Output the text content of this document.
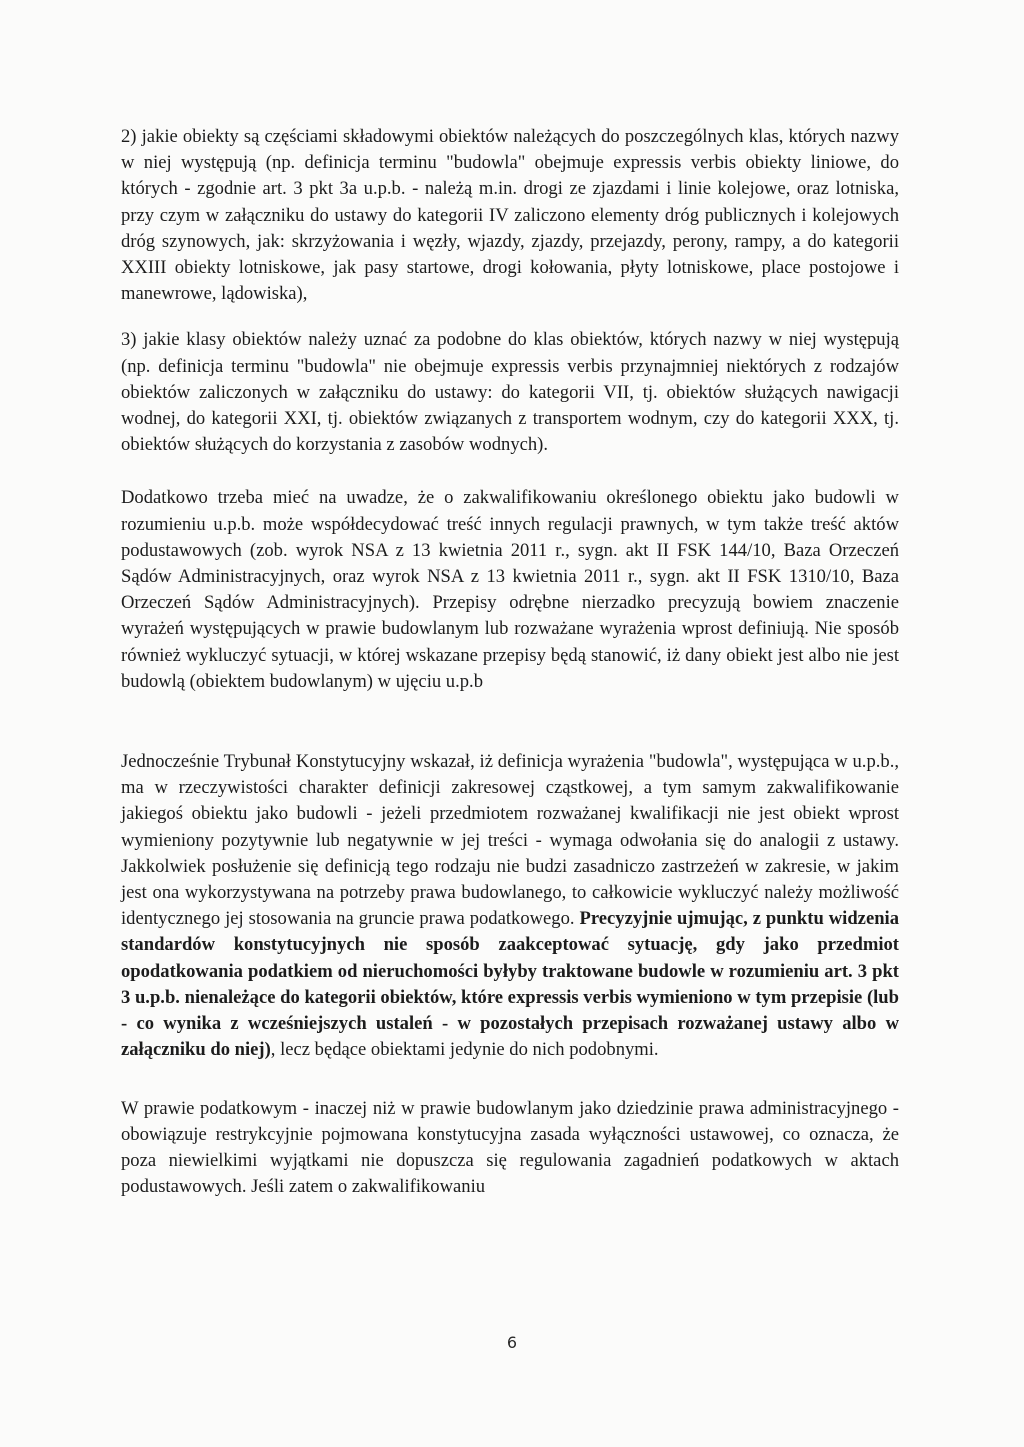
2) jakie obiekty są częściami składowymi obiektów należących do poszczególnych klas, których nazwy w niej występują (np. definicja terminu "budowla" obejmuje expressis verbis obiekty liniowe, do których - zgodnie art. 3 pkt 3a u.p.b. - należą m.in. drogi ze zjazdami i linie kolejowe, oraz lotniska, przy czym w załączniku do ustawy do kategorii IV zaliczono elementy dróg publicznych i kolejowych dróg szynowych, jak: skrzyżowania i węzły, wjazdy, zjazdy, przejazdy, perony, rampy, a do kategorii XXIII obiekty lotniskowe, jak pasy startowe, drogi kołowania, płyty lotniskowe, place postojowe i manewrowe, lądowiska),

3) jakie klasy obiektów należy uznać za podobne do klas obiektów, których nazwy w niej występują (np. definicja terminu "budowla" nie obejmuje expressis verbis przynajmniej niektórych z rodzajów obiektów zaliczonych w załączniku do ustawy: do kategorii VII, tj. obiektów służących nawigacji wodnej, do kategorii XXI, tj. obiektów związanych z transportem wodnym, czy do kategorii XXX, tj. obiektów służących do korzystania z zasobów wodnych).

Dodatkowo trzeba mieć na uwadze, że o zakwalifikowaniu określonego obiektu jako budowli w rozumieniu u.p.b. może współdecydować treść innych regulacji prawnych, w tym także treść aktów podustawowych (zob. wyrok NSA z 13 kwietnia 2011 r., sygn. akt II FSK 144/10, Baza Orzeczeń Sądów Administracyjnych, oraz wyrok NSA z 13 kwietnia 2011 r., sygn. akt II FSK 1310/10, Baza Orzeczeń Sądów Administracyjnych). Przepisy odrębne nierzadko precyzują bowiem znaczenie wyrażeń występujących w prawie budowlanym lub rozważane wyrażenia wprost definiują. Nie sposób również wykluczyć sytuacji, w której wskazane przepisy będą stanowić, iż dany obiekt jest albo nie jest budowlą (obiektem budowlanym) w ujęciu u.p.b

Jednocześnie Trybunał Konstytucyjny wskazał, iż definicja wyrażenia "budowla", występująca w u.p.b., ma w rzeczywistości charakter definicji zakresowej cząstkowej, a tym samym zakwalifikowanie jakiegoś obiektu jako budowli - jeżeli przedmiotem rozważanej kwalifikacji nie jest obiekt wprost wymieniony pozytywnie lub negatywnie w jej treści - wymaga odwołania się do analogii z ustawy. Jakkolwiek posłużenie się definicją tego rodzaju nie budzi zasadniczo zastrzeżeń w zakresie, w jakim jest ona wykorzystywana na potrzeby prawa budowlanego, to całkowicie wykluczyć należy możliwość identycznego jej stosowania na gruncie prawa podatkowego. Precyzyjnie ujmując, z punktu widzenia standardów konstytucyjnych nie sposób zaakceptować sytuację, gdy jako przedmiot opodatkowania podatkiem od nieruchomości byłyby traktowane budowle w rozumieniu art. 3 pkt 3 u.p.b. nienależące do kategorii obiektów, które expressis verbis wymieniono w tym przepisie (lub - co wynika z wcześniejszych ustaleń - w pozostałych przepisach rozważanej ustawy albo w załączniku do niej), lecz będące obiektami jedynie do nich podobnymi.

W prawie podatkowym - inaczej niż w prawie budowlanym jako dziedzinie prawa administracyjnego - obowiązuje restrykcyjnie pojmowana konstytucyjna zasada wyłączności ustawowej, co oznacza, że poza niewielkimi wyjątkami nie dopuszcza się regulowania zagadnień podatkowych w aktach podustawowych. Jeśli zatem o zakwalifikowaniu

6
